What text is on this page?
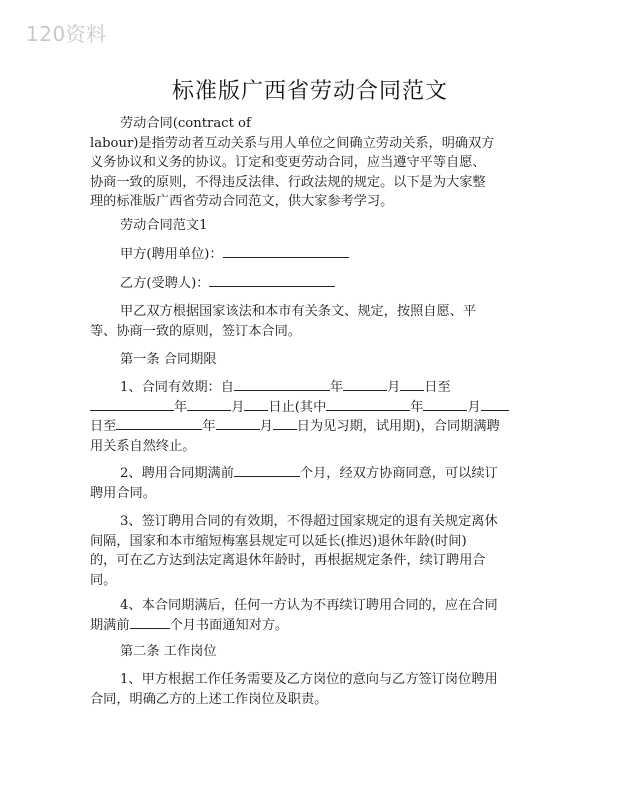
120资料
标准版广西省劳动合同范文
劳动合同(contract of
labour)是指劳动者互动关系与用人单位之间确立劳动关系，明确双方
义务协议和义务的协议。订定和变更劳动合同，应当遵守平等自愿、
协商一致的原则，不得违反法律、行政法规的规定。以下是为大家整
理的标准版广西省劳动合同范文，供大家参考学习。
劳动合同范文1
甲方(聘用单位)：
乙方(受聘人)：
甲乙双方根据国家该法和本市有关条文、规定，按照自愿、平
等、协商一致的原则，签订本合同。
第一条 合同期限
1、合同有效期：自	年	月 日至
年	月 日止(其中	年	月
日至	年	月 日为见习期，试用期)，合同期满聘
用关系自然终止。
2、聘用合同期满前	个月，经双方协商同意，可以续订
聘用合同。
3、签订聘用合同的有效期，不得超过国家规定的退有关规定离休
间隔，国家和本市缩短梅塞县规定可以延长(推迟)退休年龄(时间)
的，可在乙方达到法定离退休年龄时，再根据规定条件，续订聘用合
同。
4、本合同期满后，任何一方认为不再续订聘用合同的，应在合同
期满前	个月书面通知对方。
第二条 工作岗位
1、甲方根据工作任务需要及乙方岗位的意向与乙方签订岗位聘用
合同，明确乙方的上述工作岗位及职责。
